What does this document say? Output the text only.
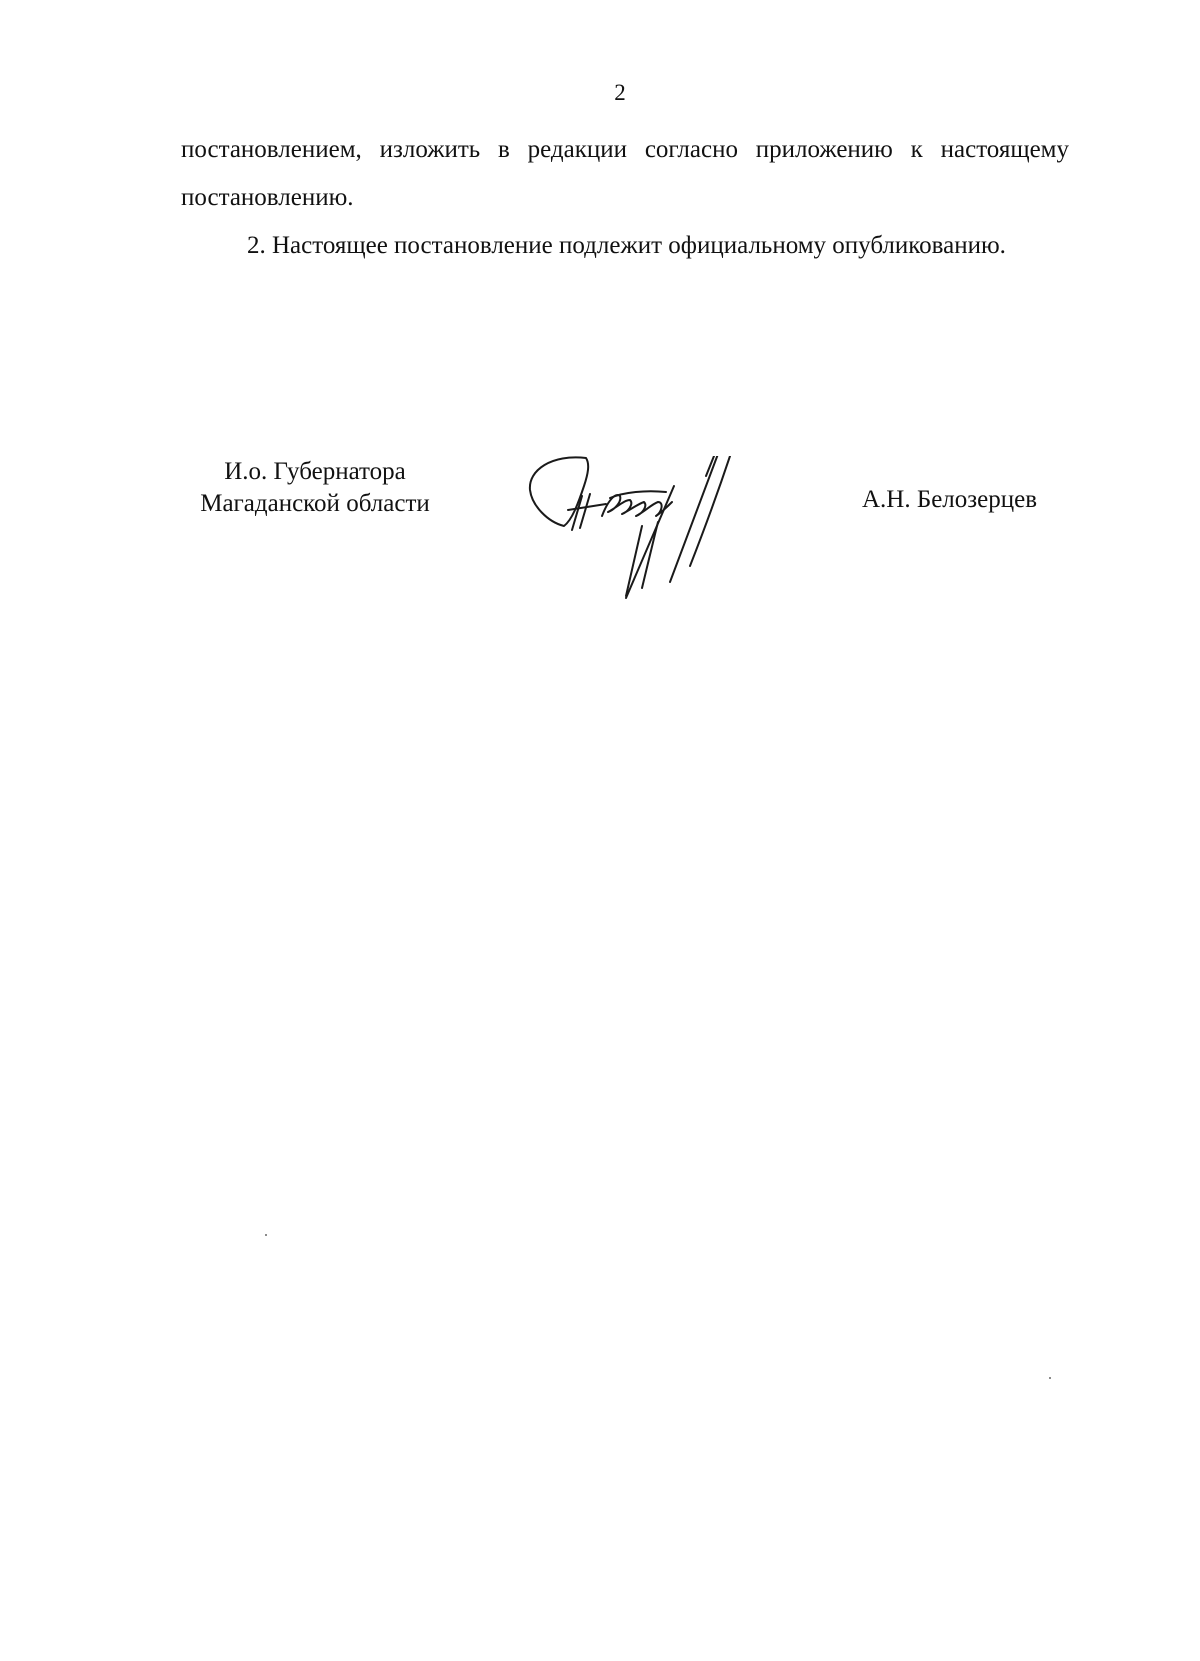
2

постановлением, изложить в редакции согласно приложению к настоящему постановлению.

2. Настоящее постановление подлежит официальному опубликованию.

И.о. Губернатора
Магаданской области	А.Н. Белозерцев
